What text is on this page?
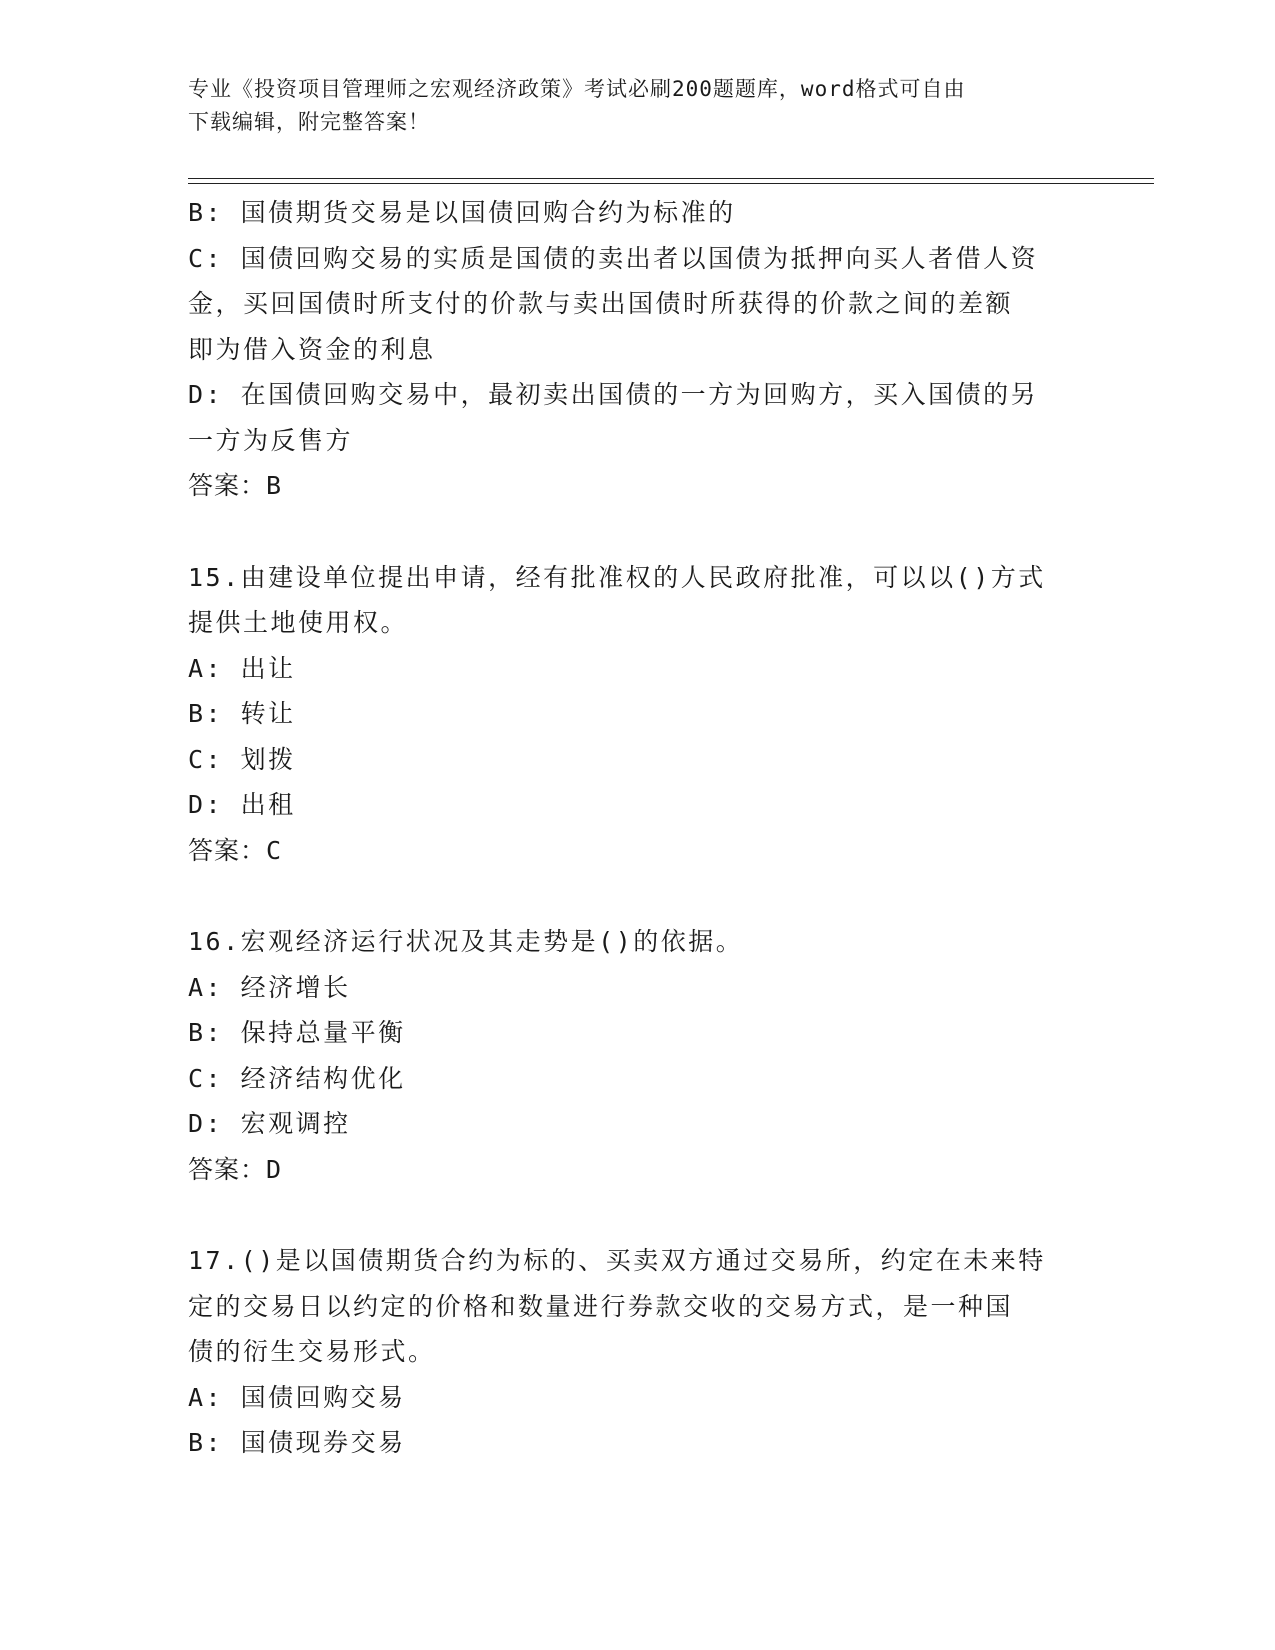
专业《投资项目管理师之宏观经济政策》考试必刷200题题库，word格式可自由
下载编辑，附完整答案！
B: 国债期货交易是以国债回购合约为标准的
C: 国债回购交易的实质是国债的卖出者以国债为抵押向买人者借人资
金，买回国债时所支付的价款与卖出国债时所获得的价款之间的差额
即为借入资金的利息
D: 在国债回购交易中，最初卖出国债的一方为回购方，买入国债的另
一方为反售方
答案：B
15.由建设单位提出申请，经有批准权的人民政府批准，可以以()方式
提供土地使用权。
A: 出让
B: 转让
C: 划拨
D: 出租
答案：C
16.宏观经济运行状况及其走势是()的依据。
A: 经济增长
B: 保持总量平衡
C: 经济结构优化
D: 宏观调控
答案：D
17.()是以国债期货合约为标的、买卖双方通过交易所，约定在未来特
定的交易日以约定的价格和数量进行券款交收的交易方式，是一种国
债的衍生交易形式。
A: 国债回购交易
B: 国债现券交易
